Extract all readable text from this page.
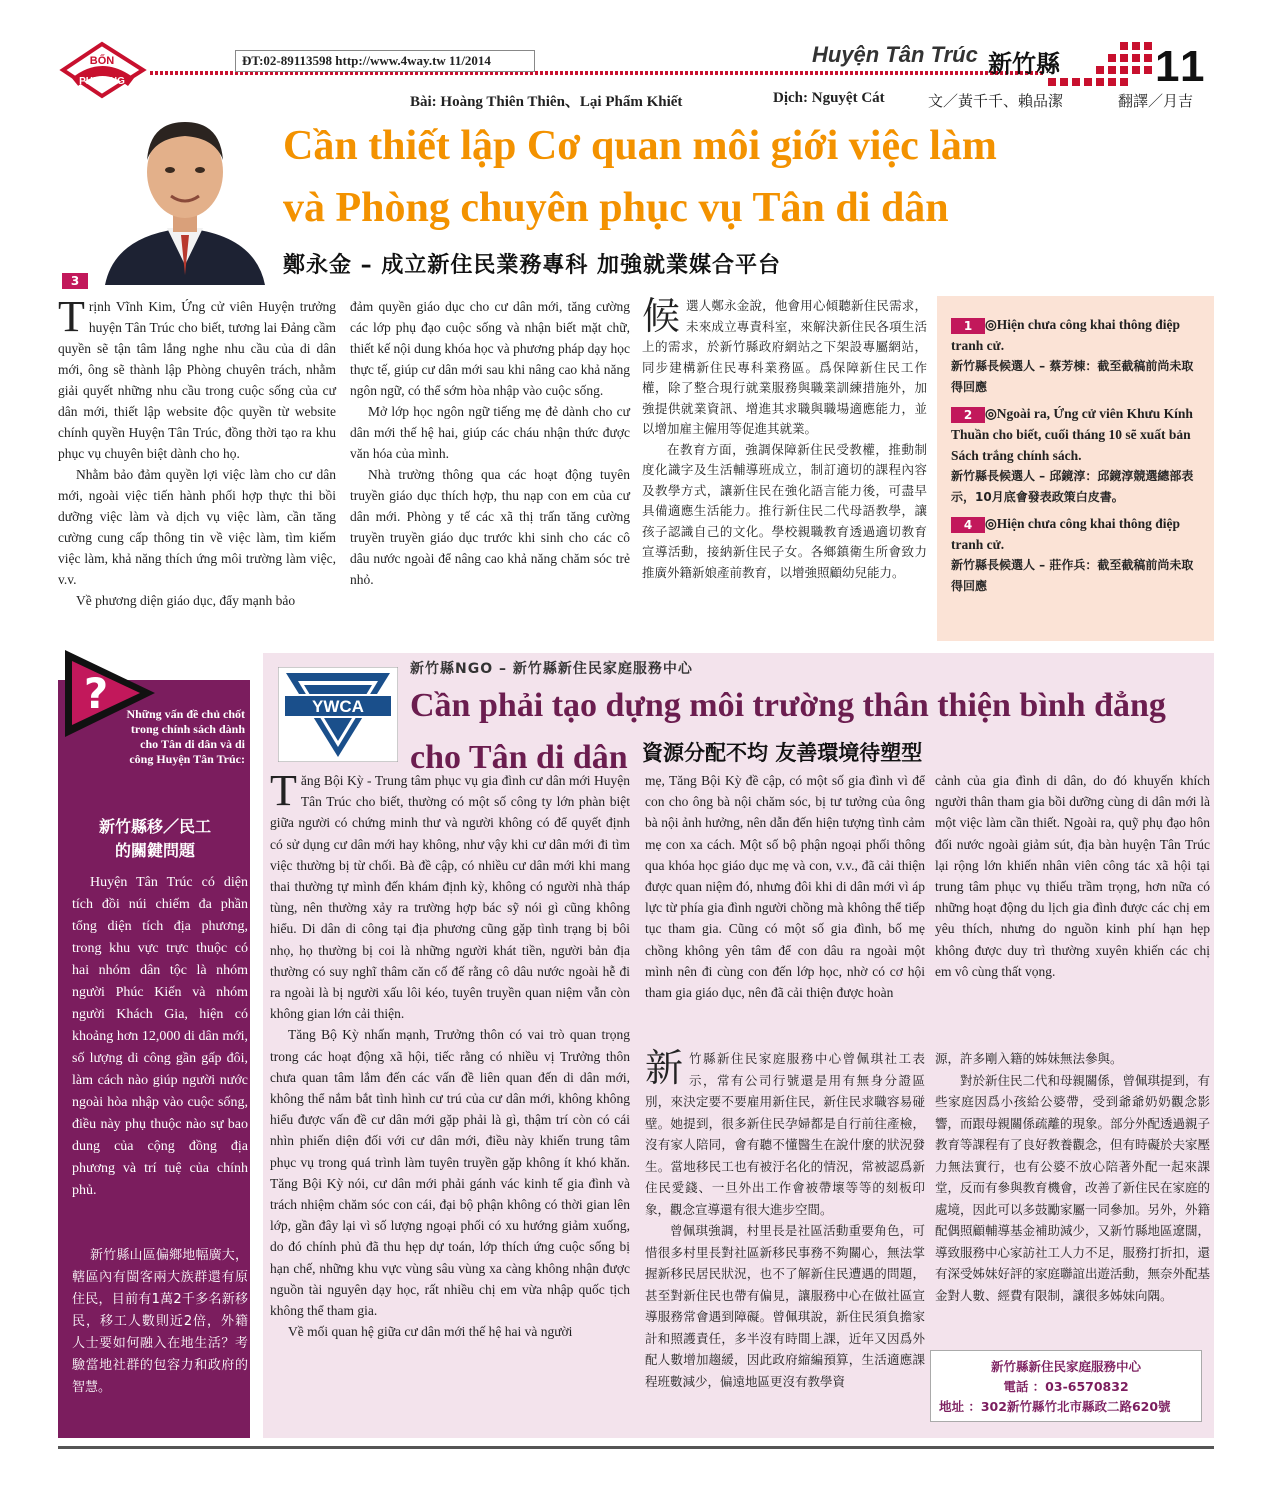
BỐN
PHƯƠNG
ĐT:02-89113598 http://www.4way.tw 11/2014	Huyện Tân Trúc 新竹縣 11
Bài: Hoàng Thiên Thiên、Lại Phẩm Khiết	Dịch: Nguyệt Cát	文／黃千千、賴品潔	翻譯／月吉
3
Cần thiết lập Cơ quan môi giới việc làm
và Phòng chuyên phục vụ Tân di dân
鄭永金 – 成立新住民業務專科 加強就業媒合平台

Trịnh Vĩnh Kim, Ứng cử viên Huyện trưởng huyện Tân Trúc cho biết, tương lai Đảng cầm quyền sẽ tận tâm lắng nghe nhu cầu của di dân mới, ông sẽ thành lập Phòng chuyên trách, nhằm giải quyết những nhu cầu trong cuộc sống của cư dân mới, thiết lập website độc quyền từ website chính quyền Huyện Tân Trúc, đồng thời tạo ra khu phục vụ chuyên biệt dành cho họ.

Nhằm bảo đảm quyền lợi việc làm cho cư dân mới, ngoài việc tiến hành phối hợp thực thi bồi dưỡng việc làm và dịch vụ việc làm, cần tăng cường cung cấp thông tin về việc làm, tìm kiếm việc làm, khả năng thích ứng môi trường làm việc, v.v.

Về phương diện giáo dục, đẩy mạnh bảo

đảm quyền giáo dục cho cư dân mới, tăng cường các lớp phụ đạo cuộc sống và nhận biết mặt chữ, thiết kế nội dung khóa học và phương pháp dạy học thực tế, giúp cư dân mới sau khi nâng cao khả năng ngôn ngữ, có thể sớm hòa nhập vào cuộc sống.

Mở lớp học ngôn ngữ tiếng mẹ đẻ dành cho cư dân mới thế hệ hai, giúp các cháu nhận thức được văn hóa của mình.

Nhà trường thông qua các hoạt động tuyên truyền giáo dục thích hợp, thu nạp con em của cư dân mới. Phòng y tế các xã thị trấn tăng cường truyền truyền giáo dục trước khi sinh cho các cô dâu nước ngoài để nâng cao khả năng chăm sóc trẻ nhỏ.

候選人鄭永金說，他會用心傾聽新住民需求，未來成立專責科室，來解決新住民各項生活上的需求，於新竹縣政府網站之下架設專屬網站，同步建構新住民專科業務區。爲保障新住民工作權，除了整合現行就業服務與職業訓練措施外，加強提供就業資訊、增進其求職與職場適應能力，並以增加雇主僱用等促進其就業。

在教育方面，強調保障新住民受教權，推動制度化識字及生活輔導班成立，制訂適切的課程內容及教學方式，讓新住民在強化語言能力後，可盡早具備適應生活能力。推行新住民二代母語教學，讓孩子認識自己的文化。學校親職教育透過適切教育宣導活動，接納新住民子女。各鄉鎮衛生所會致力推廣外籍新娘產前教育，以增強照顧幼兒能力。

1 ◎Hiện chưa công khai thông điệp tranh cử.
新竹縣長候選人 – 蔡芳棟：截至截稿前尚未取得回應
2 ◎Ngoài ra, Ứng cử viên Khưu Kính Thuần cho biết, cuối tháng 10 sẽ xuất bản Sách trắng chính sách.
新竹縣長候選人 – 邱鏡淳：邱鏡淳競選總部表示，10月底會發表政策白皮書。
4 ◎Hiện chưa công khai thông điệp tranh cử.
新竹縣長候選人 – 莊作兵：截至截稿前尚未取得回應
?	Những vấn đề chủ chốt trong chính sách dành cho Tân di dân và di công Huyện Tân Trúc:
新竹縣移／民工
的關鍵問題

Huyện Tân Trúc có diện tích đồi núi chiếm đa phần tổng diện tích địa phương, trong khu vực trực thuộc có hai nhóm dân tộc là nhóm người Phúc Kiến và nhóm người Khách Gia, hiện có khoảng hơn 12,000 di dân mới, số lượng di công gần gấp đôi, làm cách nào giúp người nước ngoài hòa nhập vào cuộc sống, điều này phụ thuộc nào sự bao dung của cộng đồng địa phương và trí tuệ của chính phủ.

新竹縣山區偏鄉地幅廣大，轄區內有閩客兩大族群還有原住民，目前有1萬2千多名新移民，移工人數則近2倍，外籍人士要如何融入在地生活？考驗當地社群的包容力和政府的智慧。

YWCA
新竹縣NGO – 新竹縣新住民家庭服務中心
Cần phải tạo dựng môi trường thân thiện bình đẳng
cho Tân di dân 資源分配不均 友善環境待塑型

Tăng Bội Kỳ - Trung tâm phục vụ gia đình cư dân mới Huyện Tân Trúc cho biết, thường có một số công ty lớn phàn biệt giữa người có chứng minh thư và người không có để quyết định có sử dụng cư dân mới hay không, như vậy khi cư dân mới đi tìm việc thường bị từ chối. Bà đề cập, có nhiều cư dân mới khi mang thai thường tự mình đến khám định kỳ, không có người nhà tháp tùng, nên thường xảy ra trường hợp bác sỹ nói gì cũng không hiểu. Di dân di công tại địa phương cũng gặp tình trạng bị bôi nhọ, họ thường bị coi là những người khát tiền, người bản địa thường có suy nghĩ thâm căn cố đế rằng cô dâu nước ngoài hễ đi ra ngoài là bị người xấu lôi kéo, tuyên truyền quan niệm vẫn còn không gian lớn cải thiện.

Tăng Bộ Kỳ nhấn mạnh, Trưởng thôn có vai trò quan trọng trong các hoạt động xã hội, tiếc rằng có nhiều vị Trưởng thôn chưa quan tâm lắm đến các vấn đề liên quan đến di dân mới, không thể nắm bắt tình hình cư trú của cư dân mới, không không hiểu được vấn đề cư dân mới gặp phải là gì, thậm trí còn có cái nhìn phiến diện đối với cư dân mới, điều này khiến trung tâm phục vụ trong quá trình làm tuyên truyền gặp không ít khó khăn. Tăng Bội Kỳ nói, cư dân mới phải gánh vác kinh tế gia đình và trách nhiệm chăm sóc con cái, đại bộ phận không có thời gian lên lớp, gần đây lại vì số lượng ngoại phối có xu hướng giảm xuống, do đó chính phủ đã thu hẹp dự toán, lớp thích ứng cuộc sống bị hạn chế, những khu vực vùng sâu vùng xa càng không nhận được nguồn tài nguyên dạy học, rất nhiều chị em vừa nhập quốc tịch không thể tham gia.

Về mối quan hệ giữa cư dân mới thế hệ hai và người

mẹ, Tăng Bội Kỳ đề cập, có một số gia đình vì để con cho ông bà nội chăm sóc, bị tư tưởng của ông bà nội ảnh hưởng, nên dẫn đến hiện tượng tình cảm mẹ con xa cách. Một số bộ phận ngoại phối thông qua khóa học giáo dục mẹ và con, v.v., đã cải thiện được quan niệm đó, nhưng đôi khi di dân mới vì áp lực từ phía gia đình người chồng mà không thể tiếp tục tham gia. Cũng có một số gia đình, bố mẹ chồng không yên tâm để con dâu ra ngoài một mình nên đi cùng con đến lớp học, nhờ có cơ hội tham gia giáo dục, nên đã cải thiện được hoàn

cảnh của gia đình di dân, do đó khuyến khích người thân tham gia bồi dưỡng cùng di dân mới là một việc làm cần thiết. Ngoài ra, quỹ phụ đạo hôn đối nước ngoài giảm sút, địa bàn huyện Tân Trúc lại rộng lớn khiến nhân viên công tác xã hội tại trung tâm phục vụ thiếu trầm trọng, hơn nữa có những hoạt động du lịch gia đình được các chị em yêu thích, nhưng do nguồn kinh phí hạn hẹp không được duy trì thường xuyên khiến các chị em vô cùng thất vọng.

新竹縣新住民家庭服務中心曾佩琪社工表示，常有公司行號還是用有無身分證區別，來決定要不要雇用新住民，新住民求職容易碰壁。她提到，很多新住民孕婦都是自行前往產檢，沒有家人陪同，會有聽不懂醫生在說什麼的狀況發生。當地移民工也有被汙名化的情況，常被認爲新住民愛錢、一旦外出工作會被帶壞等等的刻板印象，觀念宣導還有很大進步空間。

曾佩琪強調，村里長是社區活動重要角色，可惜很多村里長對社區新移民事務不夠關心，無法掌握新移民居民狀況，也不了解新住民遭遇的問題，甚至對新住民也帶有偏見，讓服務中心在做社區宣導服務常會遇到障礙。曾佩琪說，新住民須負擔家計和照護責任，多半沒有時間上課，近年又因爲外配人數增加趨緩，因此政府縮編預算，生活適應課程班數減少，偏遠地區更沒有教學資

源，許多剛入籍的姊妹無法參與。

對於新住民二代和母親關係，曾佩琪提到，有些家庭因爲小孩給公婆帶，受到爺爺奶奶觀念影響，而跟母親關係疏離的現象。部分外配透過親子教育等課程有了良好教養觀念，但有時礙於夫家壓力無法實行，也有公婆不放心陪著外配一起來課堂，反而有參與教育機會，改善了新住民在家庭的處境，因此可以多鼓勵家屬一同參加。另外，外籍配偶照顧輔導基金補助減少，又新竹縣地區遼闊，導致服務中心家訪社工人力不足，服務打折扣，還有深受姊妹好評的家庭聯誼出遊活動，無奈外配基金對人數、經費有限制，讓很多姊妹向隅。

新竹縣新住民家庭服務中心
電話 ：03-6570832
地址 ：302新竹縣竹北市縣政二路620號
